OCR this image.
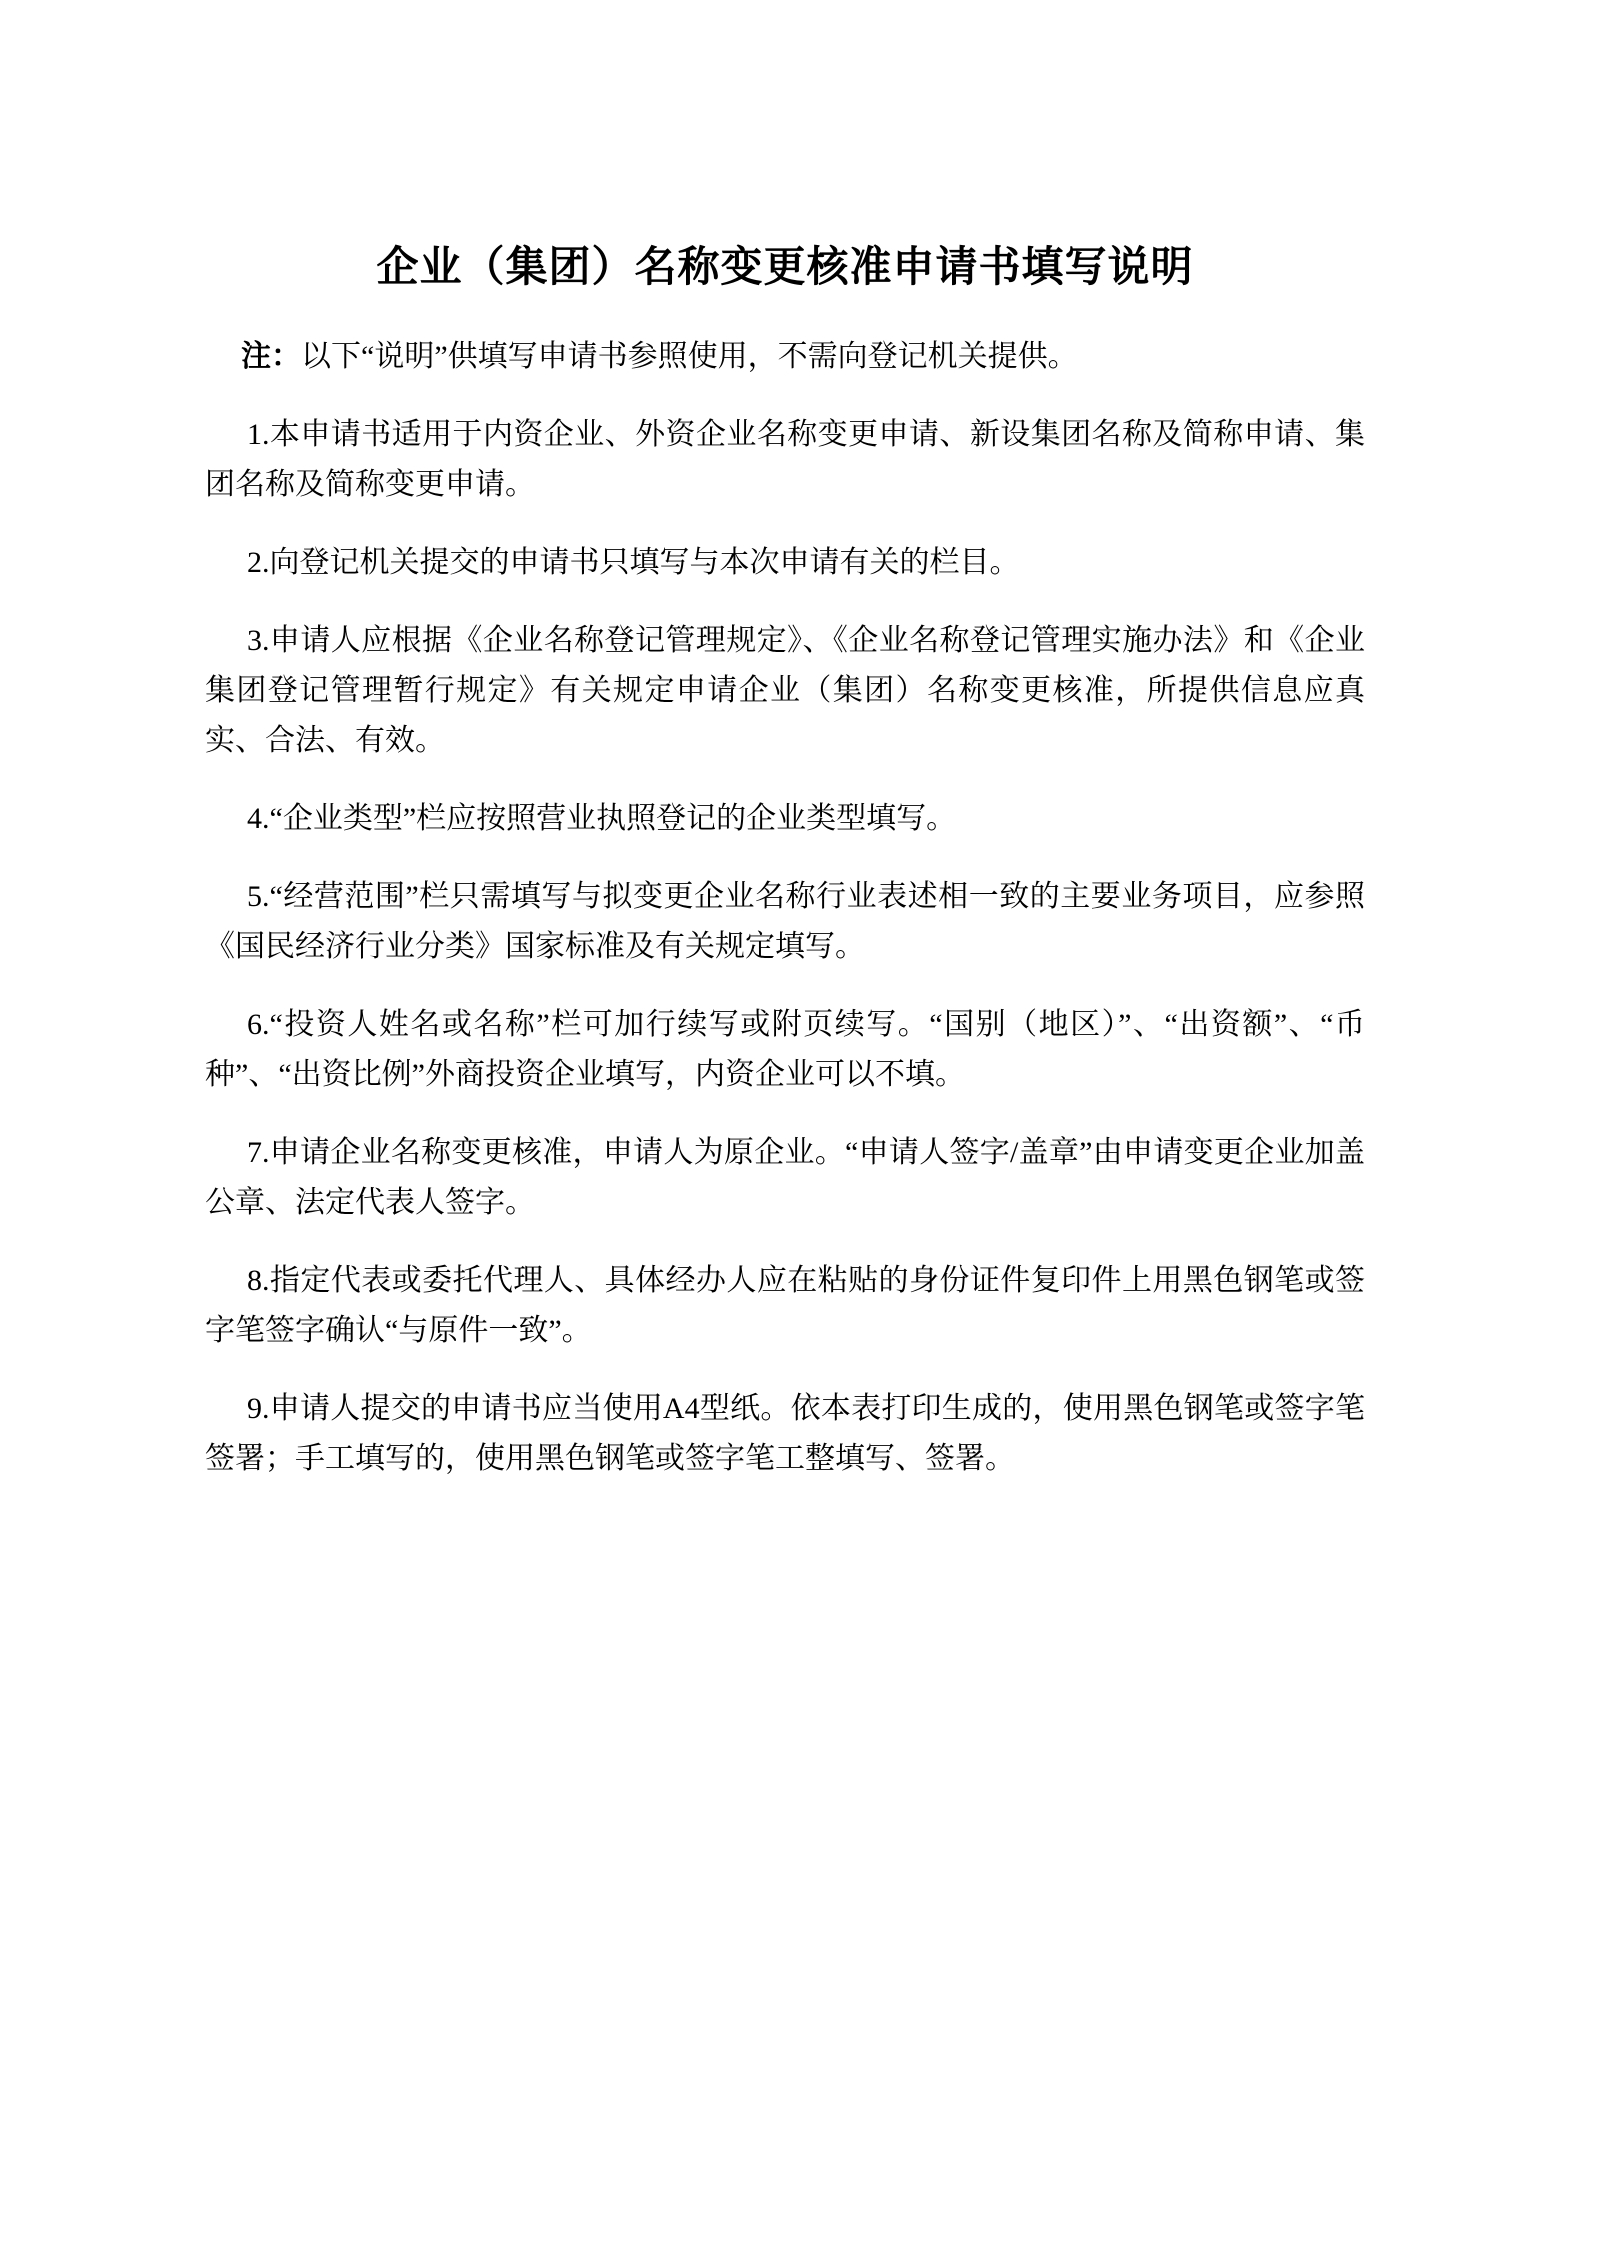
企业（集团）名称变更核准申请书填写说明

注：以下“说明”供填写申请书参照使用，不需向登记机关提供。

1.本申请书适用于内资企业、外资企业名称变更申请、新设集团名称及简称申请、集团名称及简称变更申请。

2.向登记机关提交的申请书只填写与本次申请有关的栏目。

3.申请人应根据《企业名称登记管理规定》、《企业名称登记管理实施办法》和《企业集团登记管理暂行规定》有关规定申请企业（集团）名称变更核准，所提供信息应真实、合法、有效。

4.“企业类型”栏应按照营业执照登记的企业类型填写。

5.“经营范围”栏只需填写与拟变更企业名称行业表述相一致的主要业务项目，应参照《国民经济行业分类》国家标准及有关规定填写。

6.“投资人姓名或名称”栏可加行续写或附页续写。“国别（地区）”、“出资额”、“币种”、“出资比例”外商投资企业填写，内资企业可以不填。

7.申请企业名称变更核准，申请人为原企业。“申请人签字/盖章”由申请变更企业加盖公章、法定代表人签字。

8.指定代表或委托代理人、具体经办人应在粘贴的身份证件复印件上用黑色钢笔或签字笔签字确认“与原件一致”。

9.申请人提交的申请书应当使用A4型纸。依本表打印生成的，使用黑色钢笔或签字笔签署；手工填写的，使用黑色钢笔或签字笔工整填写、签署。
